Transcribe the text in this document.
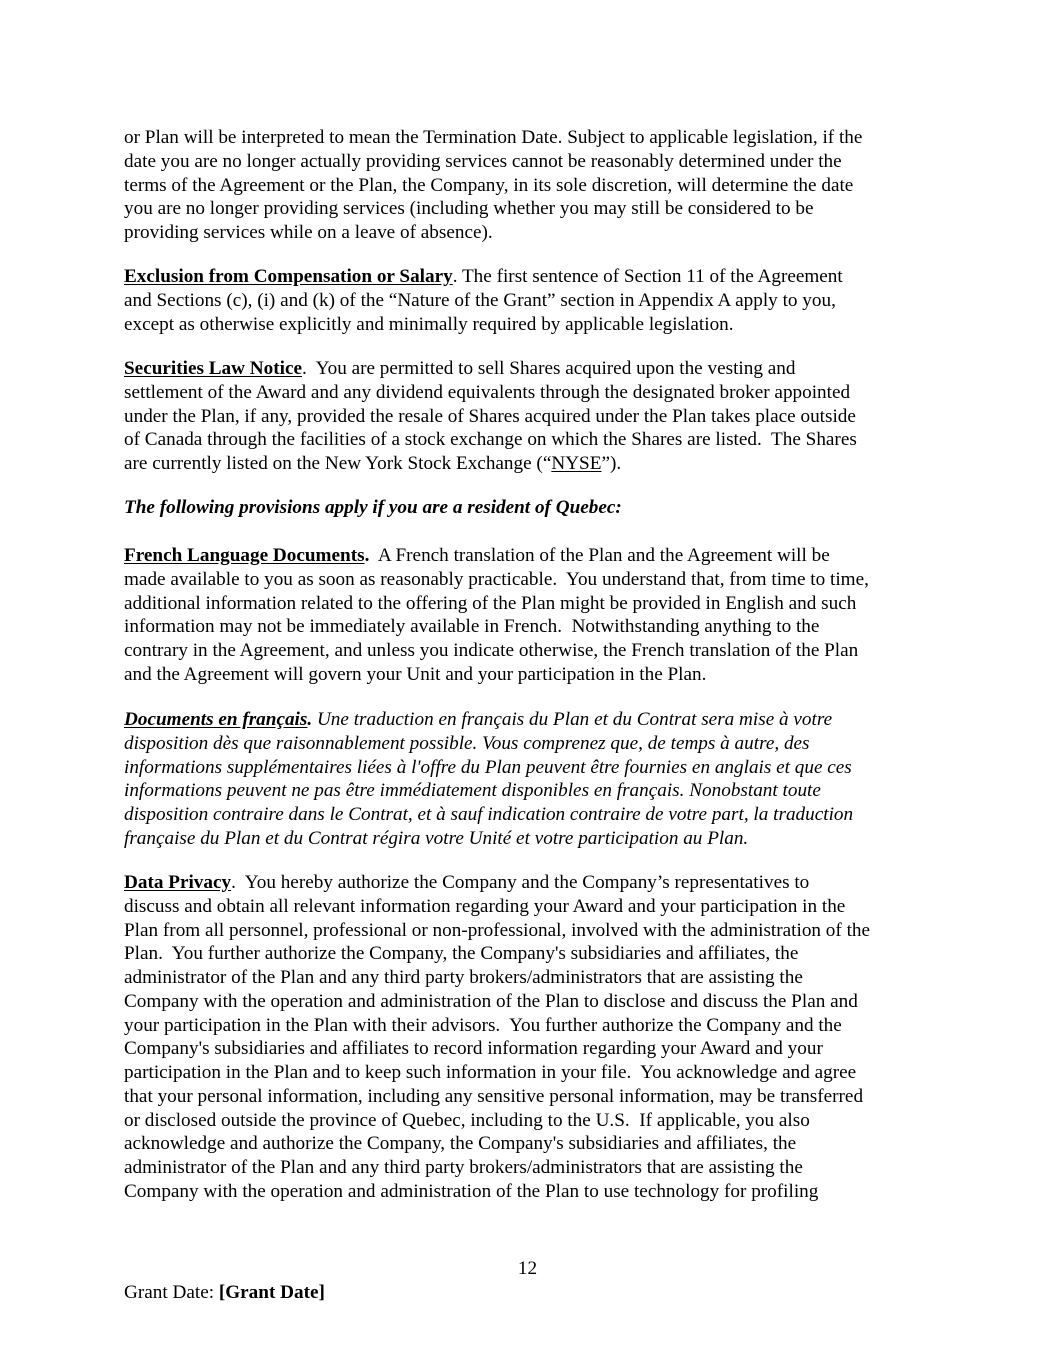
or Plan will be interpreted to mean the Termination Date. Subject to applicable legislation, if the
date you are no longer actually providing services cannot be reasonably determined under the
terms of the Agreement or the Plan, the Company, in its sole discretion, will determine the date
you are no longer providing services (including whether you may still be considered to be
providing services while on a leave of absence).

Exclusion from Compensation or Salary. The first sentence of Section 11 of the Agreement
and Sections (c), (i) and (k) of the “Nature of the Grant” section in Appendix A apply to you,
except as otherwise explicitly and minimally required by applicable legislation.

Securities Law Notice.  You are permitted to sell Shares acquired upon the vesting and
settlement of the Award and any dividend equivalents through the designated broker appointed
under the Plan, if any, provided the resale of Shares acquired under the Plan takes place outside
of Canada through the facilities of a stock exchange on which the Shares are listed.  The Shares
are currently listed on the New York Stock Exchange (“NYSE”).

The following provisions apply if you are a resident of Quebec:

French Language Documents.  A French translation of the Plan and the Agreement will be
made available to you as soon as reasonably practicable.  You understand that, from time to time,
additional information related to the offering of the Plan might be provided in English and such
information may not be immediately available in French.  Notwithstanding anything to the
contrary in the Agreement, and unless you indicate otherwise, the French translation of the Plan
and the Agreement will govern your Unit and your participation in the Plan.

Documents en français. Une traduction en français du Plan et du Contrat sera mise à votre
disposition dès que raisonnablement possible. Vous comprenez que, de temps à autre, des
informations supplémentaires liées à l'offre du Plan peuvent être fournies en anglais et que ces
informations peuvent ne pas être immédiatement disponibles en français. Nonobstant toute
disposition contraire dans le Contrat, et à sauf indication contraire de votre part, la traduction
française du Plan et du Contrat régira votre Unité et votre participation au Plan.

Data Privacy.  You hereby authorize the Company and the Company’s representatives to
discuss and obtain all relevant information regarding your Award and your participation in the
Plan from all personnel, professional or non-professional, involved with the administration of the
Plan.  You further authorize the Company, the Company's subsidiaries and affiliates, the
administrator of the Plan and any third party brokers/administrators that are assisting the
Company with the operation and administration of the Plan to disclose and discuss the Plan and
your participation in the Plan with their advisors.  You further authorize the Company and the
Company's subsidiaries and affiliates to record information regarding your Award and your
participation in the Plan and to keep such information in your file.  You acknowledge and agree
that your personal information, including any sensitive personal information, may be transferred
or disclosed outside the province of Quebec, including to the U.S.  If applicable, you also
acknowledge and authorize the Company, the Company's subsidiaries and affiliates, the
administrator of the Plan and any third party brokers/administrators that are assisting the
Company with the operation and administration of the Plan to use technology for profiling

12
Grant Date: [Grant Date]
